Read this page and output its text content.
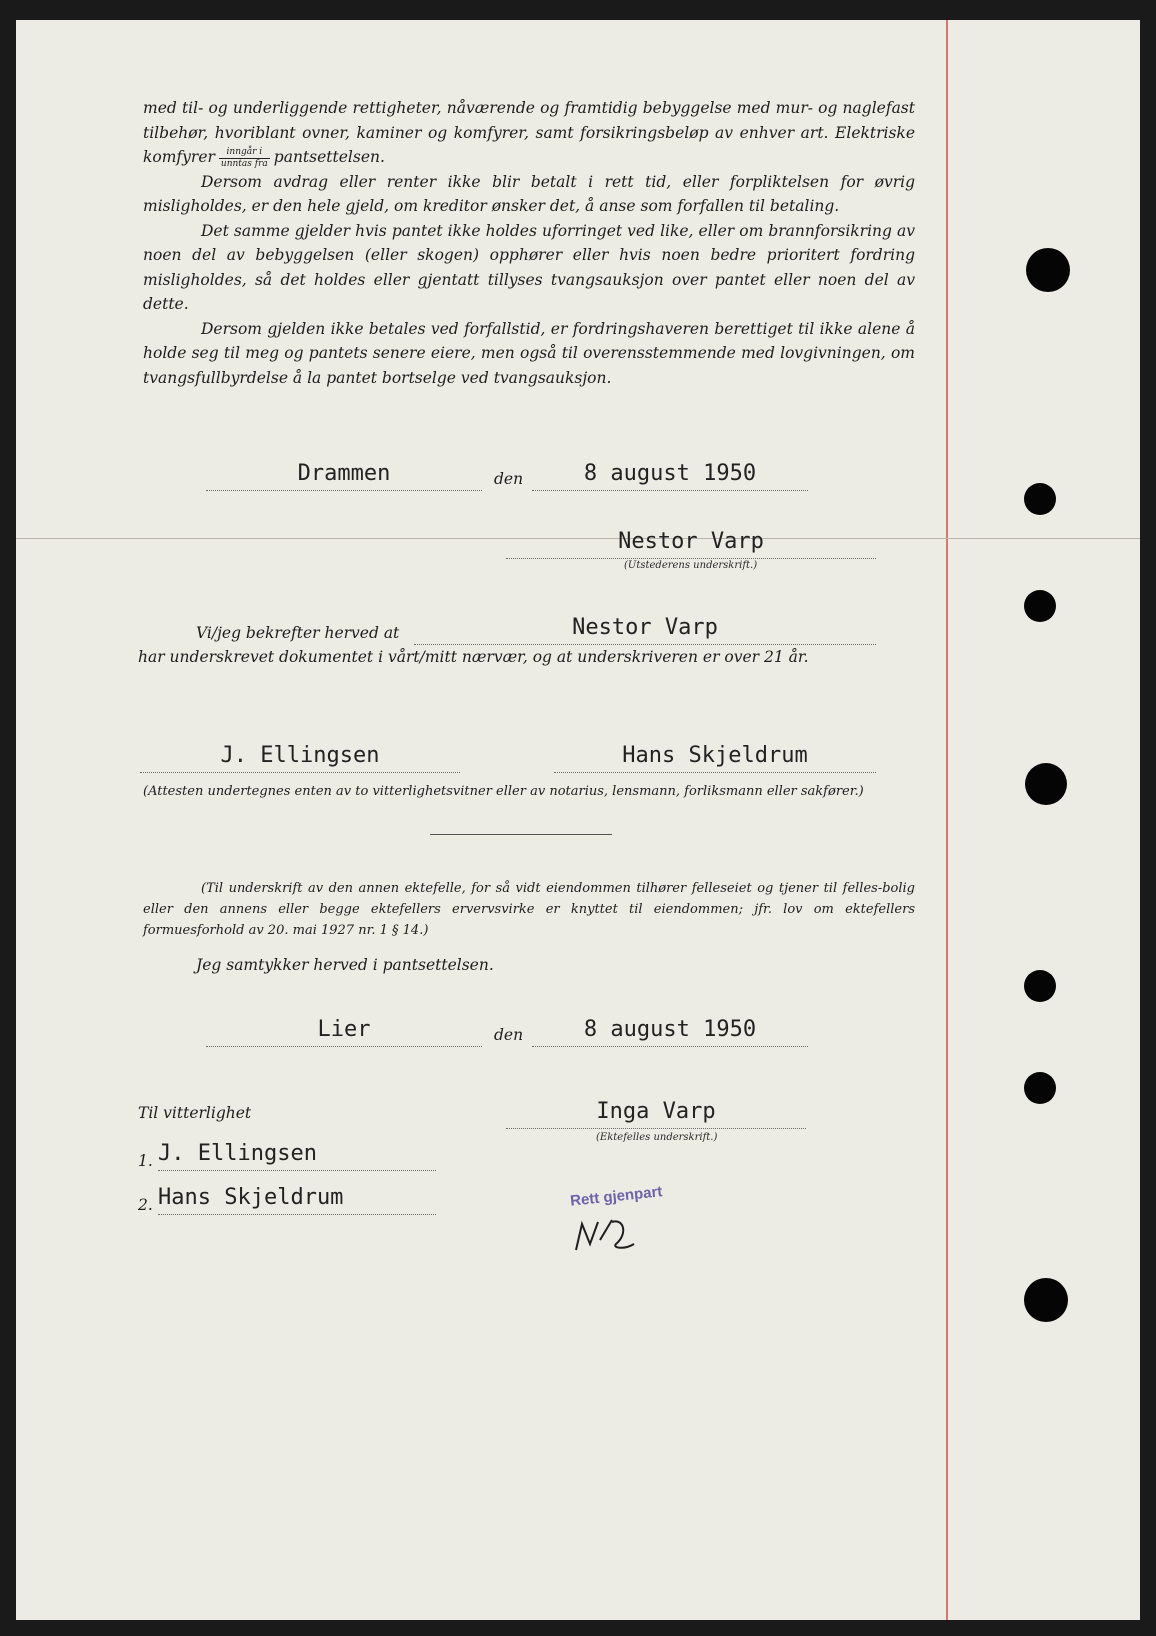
med til- og underliggende rettigheter, nåværende og framtidig bebyggelse med mur- og naglefast tilbehør, hvoriblant ovner, kaminer og komfyrer, samt forsikringsbeløp av enhver art. Elektriske komfyrer $\frac{\text{inngår i}}{\text{unntas fra}}$ pantsettelsen.

Dersom avdrag eller renter ikke blir betalt i rett tid, eller forpliktelsen for øvrig misligholdes, er den hele gjeld, om kreditor ønsker det, å anse som forfallen til betaling.

Det samme gjelder hvis pantet ikke holdes uforringet ved like, eller om brannforsikring av noen del av bebyggelsen (eller skogen) opphører eller hvis noen bedre prioritert fordring misligholdes, så det holdes eller gjentatt tillyses tvangsauksjon over pantet eller noen del av dette.

Dersom gjelden ikke betales ved forfallstid, er fordringshaveren berettiget til ikke alene å holde seg til meg og pantets senere eiere, men også til overensstemmende med lovgivningen, om tvangsfullbyrdelse å la pantet bortselge ved tvangsauksjon.

Drammen	den	8 august 1950
Nestor Varp
(Utstederens underskrift.)
Vi/jeg bekrefter herved at	Nestor Varp
har underskrevet dokumentet i vårt/mitt nærvær, og at underskriveren er over 21 år.
J. Ellingsen	Hans Skjeldrum
(Attesten undertegnes enten av to vitterlighetsvitner eller av notarius, lensmann, forliksmann eller sakfører.)

(Til underskrift av den annen ektefelle, for så vidt eiendommen tilhører felleseiet og tjener til felles-bolig eller den annens eller begge ektefellers ervervsvirke er knyttet til eiendommen; jfr. lov om ektefellers formuesforhold av 20. mai 1927 nr. 1 § 14.)

Jeg samtykker herved i pantsettelsen.
Lier	den	8 august 1950
Til vitterlighet	Inga Varp
(Ektefelles underskrift.)
1. J. Ellingsen
2. Hans Skjeldrum	Rett gjenpart
